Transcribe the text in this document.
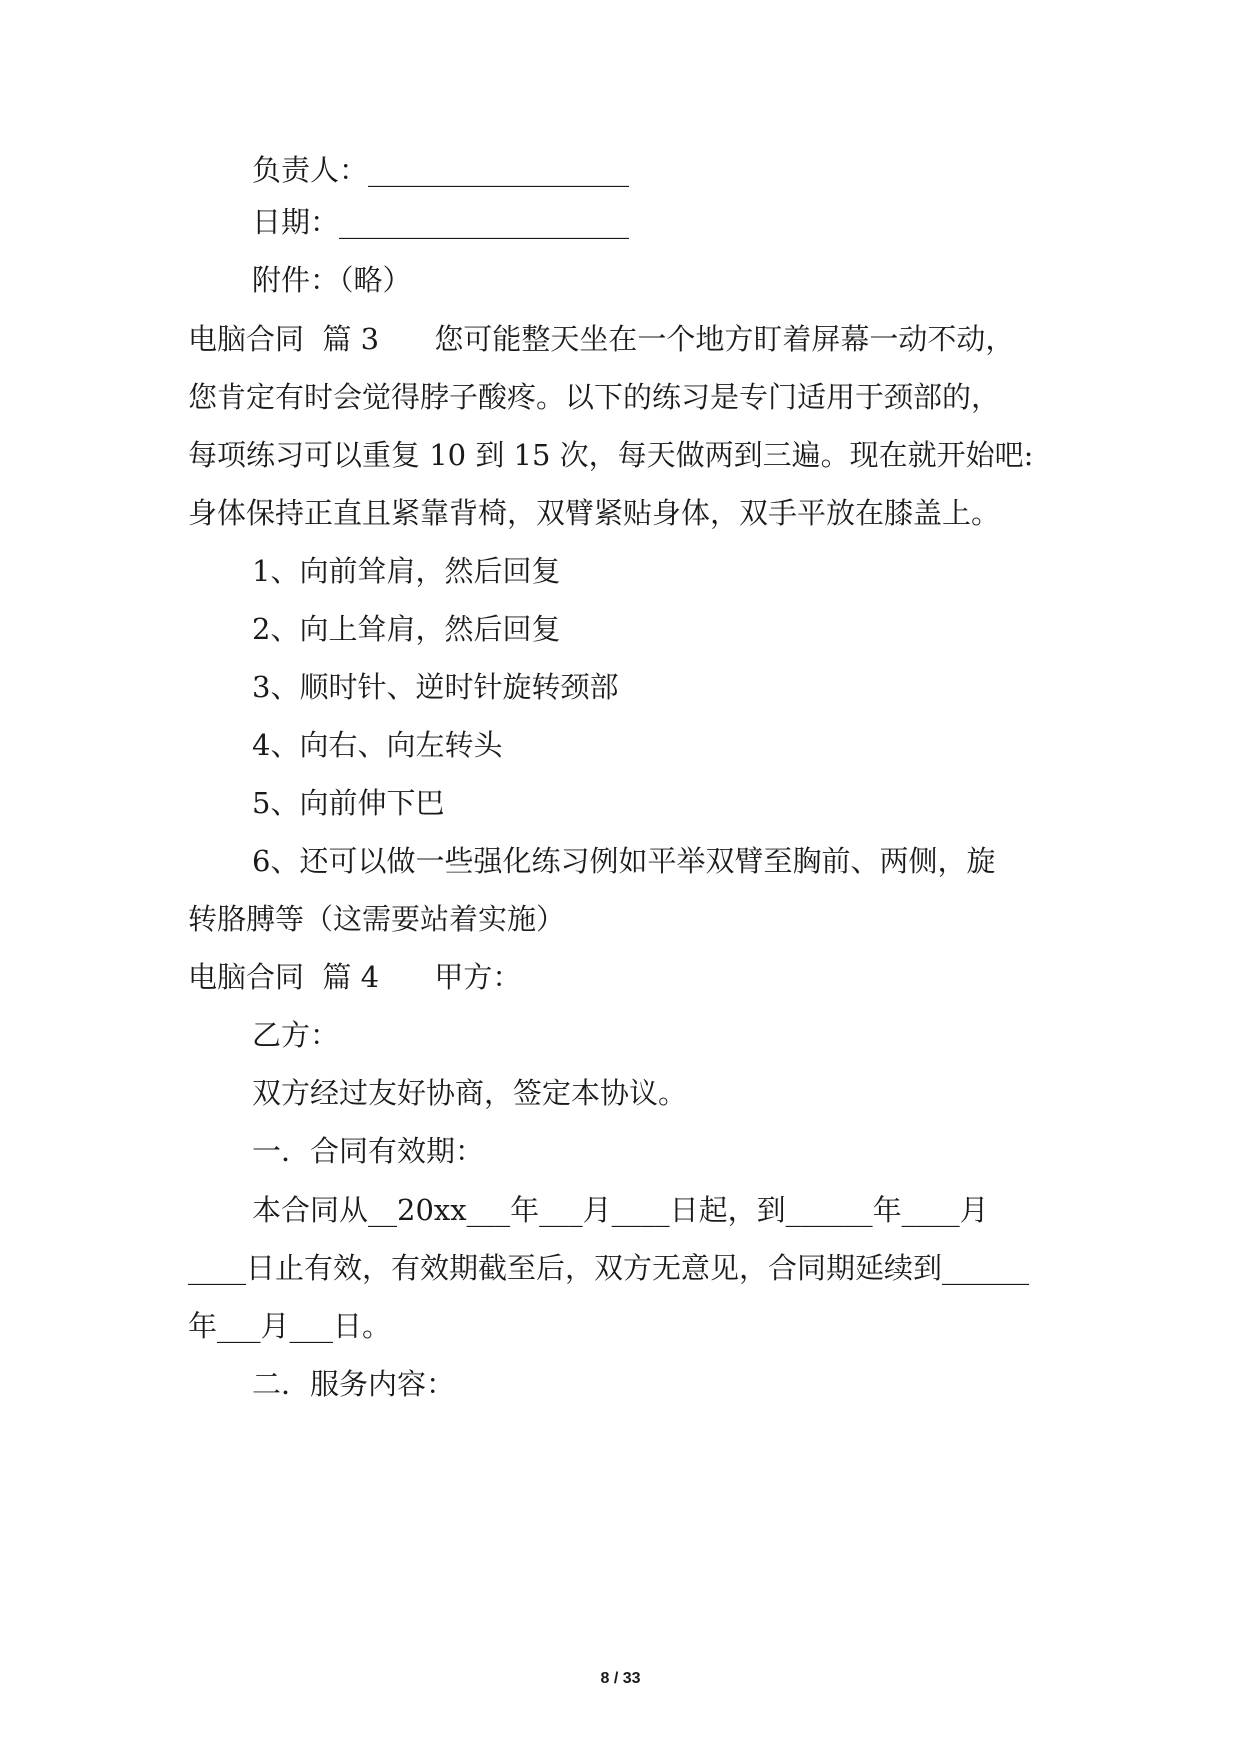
负责人：__________________
日期：____________________
附件：（略）
电脑合同  篇 3      您可能整天坐在一个地方盯着屏幕一动不动，
您肯定有时会觉得脖子酸疼。以下的练习是专门适用于颈部的，
每项练习可以重复 10 到 15 次，每天做两到三遍。现在就开始吧:
身体保持正直且紧靠背椅，双臂紧贴身体，双手平放在膝盖上。
1、向前耸肩，然后回复
2、向上耸肩，然后回复
3、顺时针、逆时针旋转颈部
4、向右、向左转头
5、向前伸下巴
6、还可以做一些强化练习例如平举双臂至胸前、两侧，旋
转胳膊等（这需要站着实施）
电脑合同  篇 4      甲方：
乙方：
双方经过友好协商，签定本协议。
一．合同有效期：
本合同从__20xx___年___月____日起，到______年____月
____日止有效，有效期截至后，双方无意见，合同期延续到______
年___月___日。
二．服务内容：
8 / 33
